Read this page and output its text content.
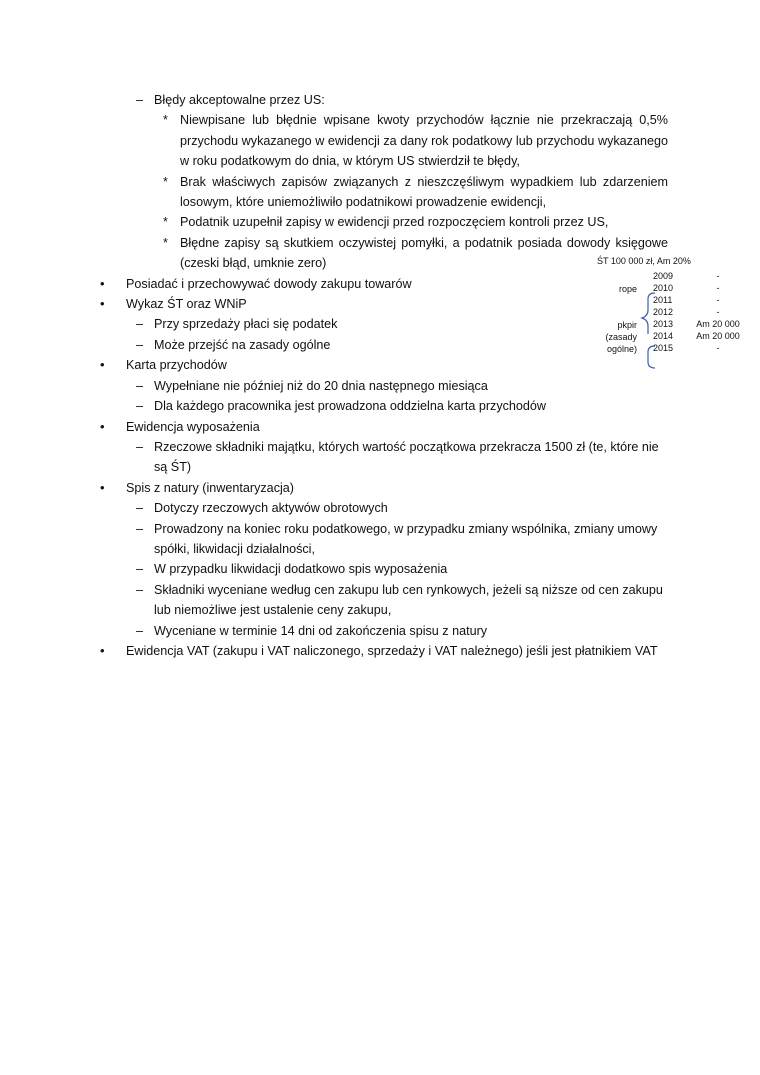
– Błędy akceptowalne przez US:
* Niewpisane lub błędnie wpisane kwoty przychodów łącznie nie przekraczają 0,5% przychodu wykazanego w ewidencji za dany rok podatkowy lub przychodu wykazanego w roku podatkowym do dnia, w którym US stwierdził te błędy,
* Brak właściwych zapisów związanych z nieszczęśliwym wypadkiem lub zdarzeniem losowym, które uniemożliwiło podatnikowi prowadzenie ewidencji,
* Podatnik uzupełnił zapisy w ewidencji przed rozpoczęciem kontroli przez US,
* Błędne zapisy są skutkiem oczywistej pomyłki, a podatnik posiada dowody księgowe (czeski błąd, umknie zero)
• Posiadać i przechowywać dowody zakupu towarów
• Wykaz ŚT oraz WNiP
– Przy sprzedaży płaci się podatek
– Może przejść na zasady ogólne
• Karta przychodów
– Wypełniane nie później niż do 20 dnia następnego miesiąca
– Dla każdego pracownika jest prowadzona oddzielna karta przychodów
• Ewidencja wyposażenia
– Rzeczowe składniki majątku, których wartość początkowa przekracza 1500 zł (te, które nie są ŚT)
• Spis z natury (inwentaryzacja)
– Dotyczy rzeczowych aktywów obrotowych
– Prowadzony na koniec roku podatkowego, w przypadku zmiany wspólnika, zmiany umowy spółki, likwidacji działalności,
– W przypadku likwidacji dodatkowo spis wyposażenia
– Składniki wyceniane według cen zakupu lub cen rynkowych, jeżeli są niższe od cen zakupu lub niemożliwe jest ustalenie ceny zakupu,
– Wyceniane w terminie 14 dni od zakończenia spisu z natury
• Ewidencja VAT (zakupu i VAT naliczonego, sprzedaży i VAT należnego) jeśli jest płatnikiem VAT
ŚT 100 000 zł, Am 20%
2009	-
2010	-
2011	-
2012	-
2013	Am 20 000
2014	Am 20 000
2015	-
rope
pkpir
(zasady
ogólne)
